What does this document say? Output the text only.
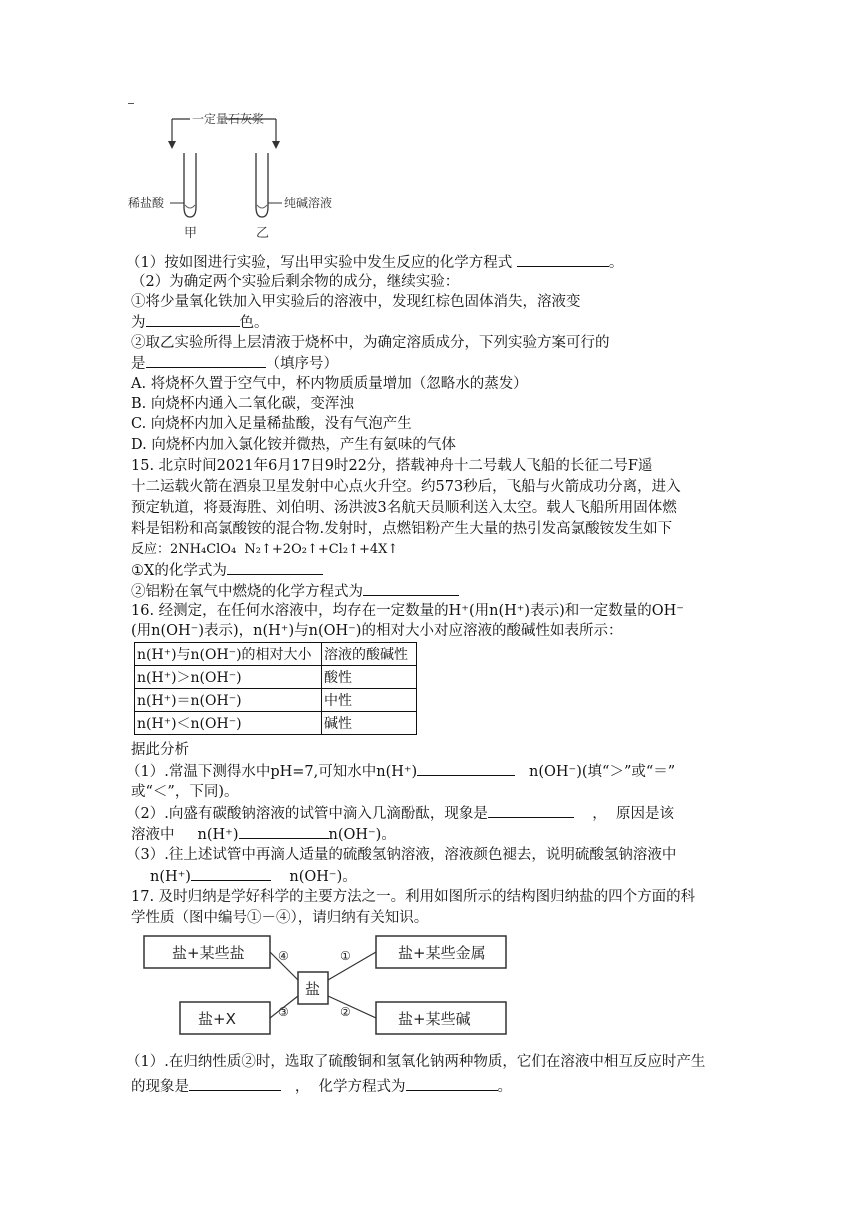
一定量石灰浆
稀盐酸	纯碱溶液
甲	乙
（1）按如图进行实验，写出甲实验中发生反应的化学方程式	。
（2）为确定两个实验后剩余物的成分，继续实验：
①将少量氧化铁加入甲实验后的溶液中，发现红棕色固体消失，溶液变
为	色。
②取乙实验所得上层清液于烧杯中，为确定溶质成分，下列实验方案可行的
是	（填序号）
A. 将烧杯久置于空气中，杯内物质质量增加（忽略水的蒸发）
B. 向烧杯内通入二氧化碳，变浑浊
C. 向烧杯内加入足量稀盐酸，没有气泡产生
D. 向烧杯内加入氯化铵并微热，产生有氨味的气体
15. 北京时间2021年6月17日9时22分，搭载神舟十二号载人飞船的长征二号F遥
十二运载火箭在酒泉卫星发射中心点火升空。约573秒后，飞船与火箭成功分离，进入
预定轨道，将聂海胜、刘伯明、汤洪波3名航天员顺利送入太空。载人飞船所用固体燃
料是铝粉和高氯酸铵的混合物.发射时，点燃铝粉产生大量的热引发高氯酸铵发生如下
反应：2NH₄ClO₄  N₂↑+2O₂↑+Cl₂↑+4X↑
①X的化学式为
②铝粉在氧气中燃烧的化学方程式为
16. 经测定，在任何水溶液中，均存在一定数量的H⁺(用n(H⁺)表示)和一定数量的OH⁻
(用n(OH⁻)表示)，n(H⁺)与n(OH⁻)的相对大小对应溶液的酸碱性如表所示：
n(H⁺)与n(OH⁻)的相对大小	溶液的酸碱性
n(H⁺)＞n(OH⁻)	酸性
n(H⁺)＝n(OH⁻)	中性
n(H⁺)＜n(OH⁻)	碱性
据此分析
（1）.常温下测得水中pH=7,可知水中n(H⁺)	n(OH⁻)(填“＞”或“＝”
或“＜”，下同)。
（2）.向盛有碳酸钠溶液的试管中滴入几滴酚酞，现象是	，  原因是该
溶液中     n(H⁺)	n(OH⁻)。
（3）.往上述试管中再滴人适量的硫酸氢钠溶液，溶液颜色褪去，说明硫酸氢钠溶液中
n(H⁺)	n(OH⁻)。
17. 及时归纳是学好科学的主要方法之一。利用如图所示的结构图归纳盐的四个方面的科
学性质（图中编号①－④），请归纳有关知识。
盐+某些盐
盐+X
盐
盐+某些金属
盐+某些碱
④
③
①
②
（1）.在归纳性质②时，选取了硫酸铜和氢氧化钠两种物质，它们在溶液中相互反应时产生
的现象是	，  化学方程式为	。
